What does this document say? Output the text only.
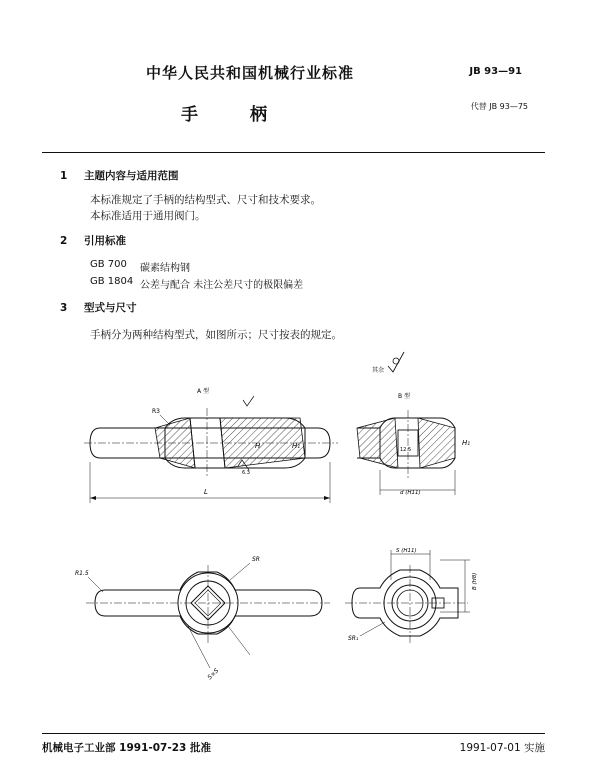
中华人民共和国机械行业标准	JB 93—91
手柄	代替 JB 93—75
1 主题内容与适用范围
本标准规定了手柄的结构型式、尺寸和技术要求。
本标准适用于通用阀门。
2 引用标准
GB 700 碳素结构钢
GB 1804 公差与配合 未注公差尺寸的极限偏差
3 型式与尺寸
手柄分为两种结构型式，如图所示；尺寸按表的规定。
其余
A 型
R3
H	H₁
6.3
L
B 型
12.5
H₁
d (H11)
R1.5
SR
S×S
S (H11)
B (H8)
SR₁
机械电子工业部 1991-07-23 批准	1991-07-01 实施
